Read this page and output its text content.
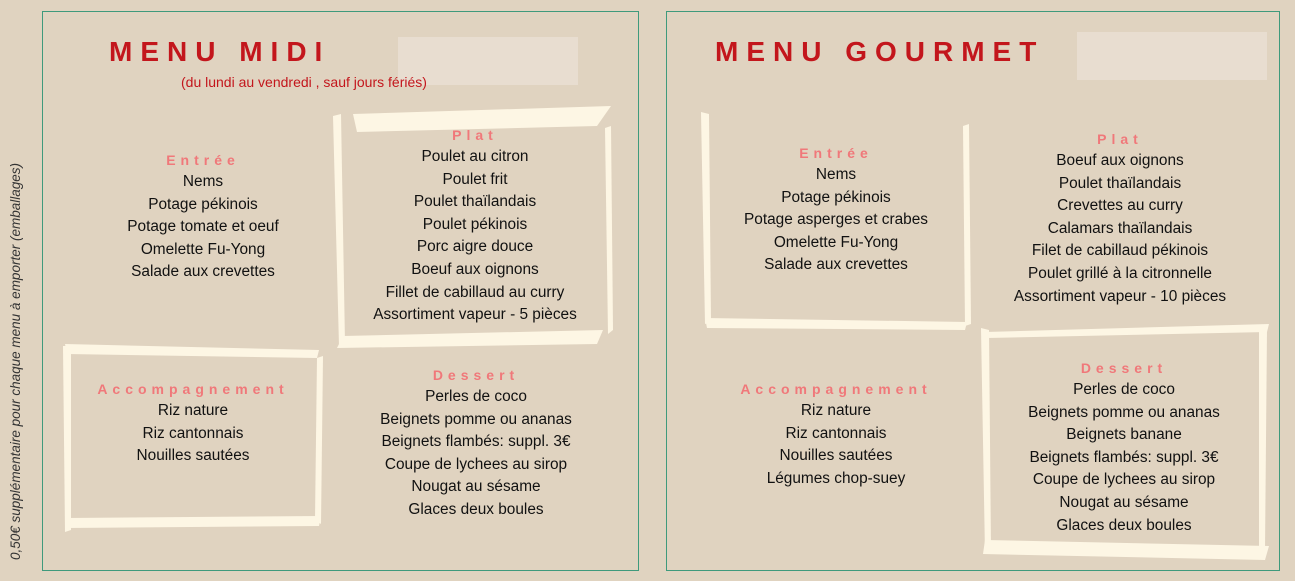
0,50€ supplémentaire pour chaque menu à emporter (emballages)
MENU MIDI
(du lundi au vendredi , sauf jours fériés)
Entrée
Nems
Potage pékinois
Potage tomate et oeuf
Omelette Fu-Yong
Salade aux crevettes
Plat
Poulet au citron
Poulet frit
Poulet thaïlandais
Poulet pékinois
Porc aigre douce
Boeuf aux oignons
Fillet de cabillaud au curry
Assortiment vapeur - 5 pièces
Accompagnement
Riz nature
Riz cantonnais
Nouilles sautées
Dessert
Perles de coco
Beignets pomme ou ananas
Beignets flambés: suppl. 3€
Coupe de lychees au sirop
Nougat au sésame
Glaces deux boules
MENU GOURMET
Entrée
Nems
Potage pékinois
Potage asperges et crabes
Omelette Fu-Yong
Salade aux crevettes
Plat
Boeuf aux oignons
Poulet thaïlandais
Crevettes au curry
Calamars thaïlandais
Filet de cabillaud pékinois
Poulet grillé à la citronnelle
Assortiment vapeur - 10 pièces
Accompagnement
Riz nature
Riz cantonnais
Nouilles sautées
Légumes chop-suey
Dessert
Perles de coco
Beignets pomme ou ananas
Beignets banane
Beignets flambés: suppl. 3€
Coupe de lychees au sirop
Nougat au sésame
Glaces deux boules
